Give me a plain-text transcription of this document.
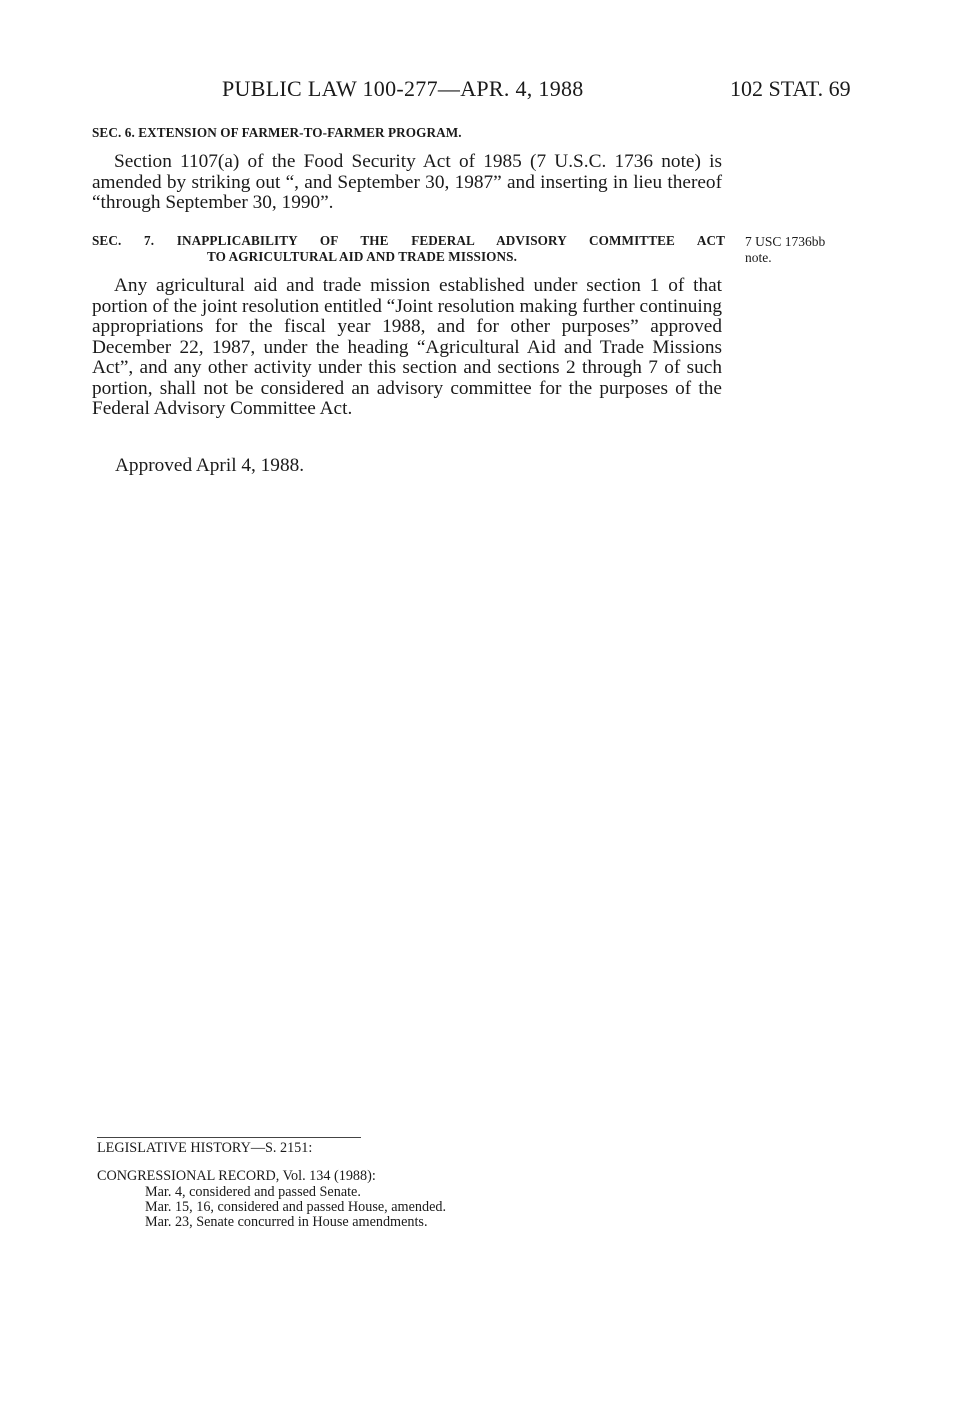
PUBLIC LAW 100-277—APR. 4, 1988	102 STAT. 69
SEC. 6. EXTENSION OF FARMER-TO-FARMER PROGRAM.

Section 1107(a) of the Food Security Act of 1985 (7 U.S.C. 1736 note) is amended by striking out “, and September 30, 1987” and inserting in lieu thereof “through September 30, 1990”.

SEC. 7. INAPPLICABILITY OF THE FEDERAL ADVISORY COMMITTEE ACT
TO AGRICULTURAL AID AND TRADE MISSIONS.
7 USC 1736bb
note.

Any agricultural aid and trade mission established under section 1 of that portion of the joint resolution entitled “Joint resolution making further continuing appropriations for the fiscal year 1988, and for other purposes” approved December 22, 1987, under the heading “Agricultural Aid and Trade Missions Act”, and any other activity under this section and sections 2 through 7 of such portion, shall not be considered an advisory committee for the purposes of the Federal Advisory Committee Act.

Approved April 4, 1988.
LEGISLATIVE HISTORY—S. 2151:
CONGRESSIONAL RECORD, Vol. 134 (1988):
Mar. 4, considered and passed Senate.
Mar. 15, 16, considered and passed House, amended.
Mar. 23, Senate concurred in House amendments.
